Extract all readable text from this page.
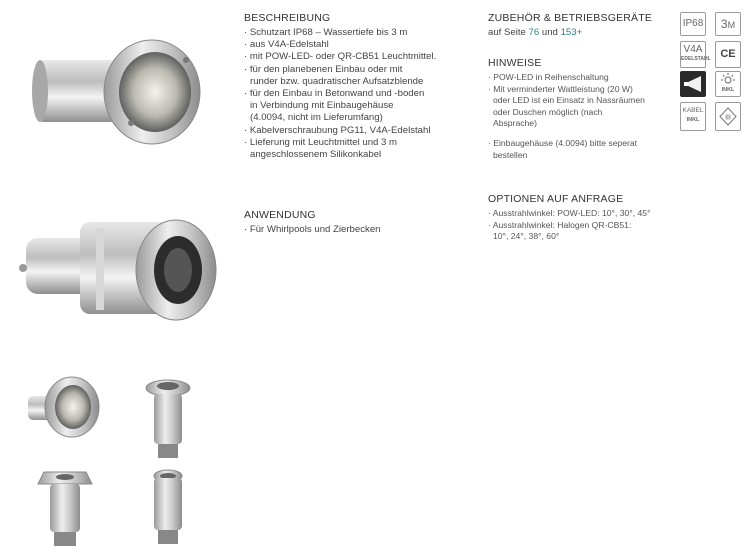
BESCHREIBUNG
· Schutzart IP68 – Wassertiefe bis 3 m
· aus V4A-Edelstahl
· mit POW-LED- oder QR-CB51 Leuchtmittel.
· für den planebenen Einbau oder mit
runder bzw. quadratischer Aufsatzblende
· für den Einbau in Betonwand und -boden
in Verbindung mit Einbaugehäuse
(4.0094, nicht im Lieferumfang)
· Kabelverschraubung PG11, V4A-Edelstahl
· Lieferung mit Leuchtmittel und 3 m
angeschlossenem Silikonkabel
ANWENDUNG
· Für Whirlpools und Zierbecken
ZUBEHÖR & BETRIEBSGERÄTE
auf Seite 76 und 153+
HINWEISE
· POW-LED in Reihenschaltung
· Mit verminderter Wattleistung (20 W)
oder LED ist ein Einsatz in Nassräumen
oder Duschen möglich (nach
Absprache)
· Einbaugehäuse (4.0094) bitte seperat
bestellen
OPTIONEN AUF ANFRAGE
· Ausstrahlwinkel: POW-LED: 10°, 30°, 45°
· Ausstrahlwinkel: Halogen QR-CB51:
10°, 24°, 38°, 60°
IP68	3M
V4A
EDELSTAHL CE
INKL
KABEL
INKL	III
